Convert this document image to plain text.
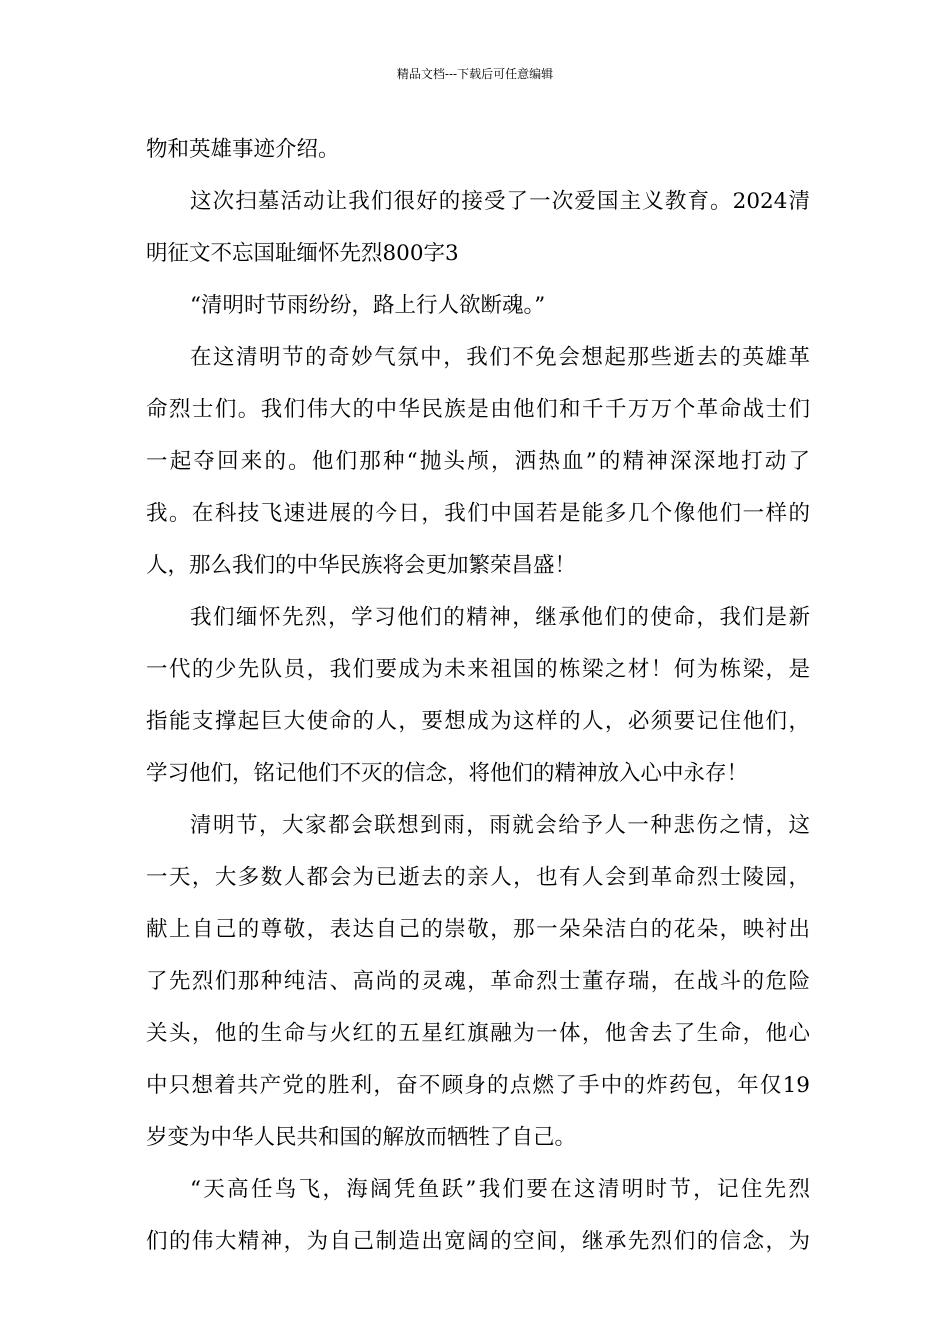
精品文档---下载后可任意编辑
物和英雄事迹介绍。
这次扫墓活动让我们很好的接受了一次爱国主义教育。2024清
明征文不忘国耻缅怀先烈800字3
“清明时节雨纷纷，路上行人欲断魂。”
在这清明节的奇妙气氛中，我们不免会想起那些逝去的英雄革
命烈士们。我们伟大的中华民族是由他们和千千万万个革命战士们
一起夺回来的。他们那种“抛头颅，洒热血”的精神深深地打动了
我。在科技飞速进展的今日，我们中国若是能多几个像他们一样的
人，那么我们的中华民族将会更加繁荣昌盛！
我们缅怀先烈，学习他们的精神，继承他们的使命，我们是新
一代的少先队员，我们要成为未来祖国的栋梁之材！何为栋梁，是
指能支撑起巨大使命的人，要想成为这样的人，必须要记住他们，
学习他们，铭记他们不灭的信念，将他们的精神放入心中永存！
清明节，大家都会联想到雨，雨就会给予人一种悲伤之情，这
一天，大多数人都会为已逝去的亲人，也有人会到革命烈士陵园，
献上自己的尊敬，表达自己的崇敬，那一朵朵洁白的花朵，映衬出
了先烈们那种纯洁、高尚的灵魂，革命烈士董存瑞，在战斗的危险
关头，他的生命与火红的五星红旗融为一体，他舍去了生命，他心
中只想着共产党的胜利，奋不顾身的点燃了手中的炸药包，年仅19
岁变为中华人民共和国的解放而牺牲了自己。
“天高任鸟飞，海阔凭鱼跃”我们要在这清明时节，记住先烈
们的伟大精神，为自己制造出宽阔的空间，继承先烈们的信念，为
